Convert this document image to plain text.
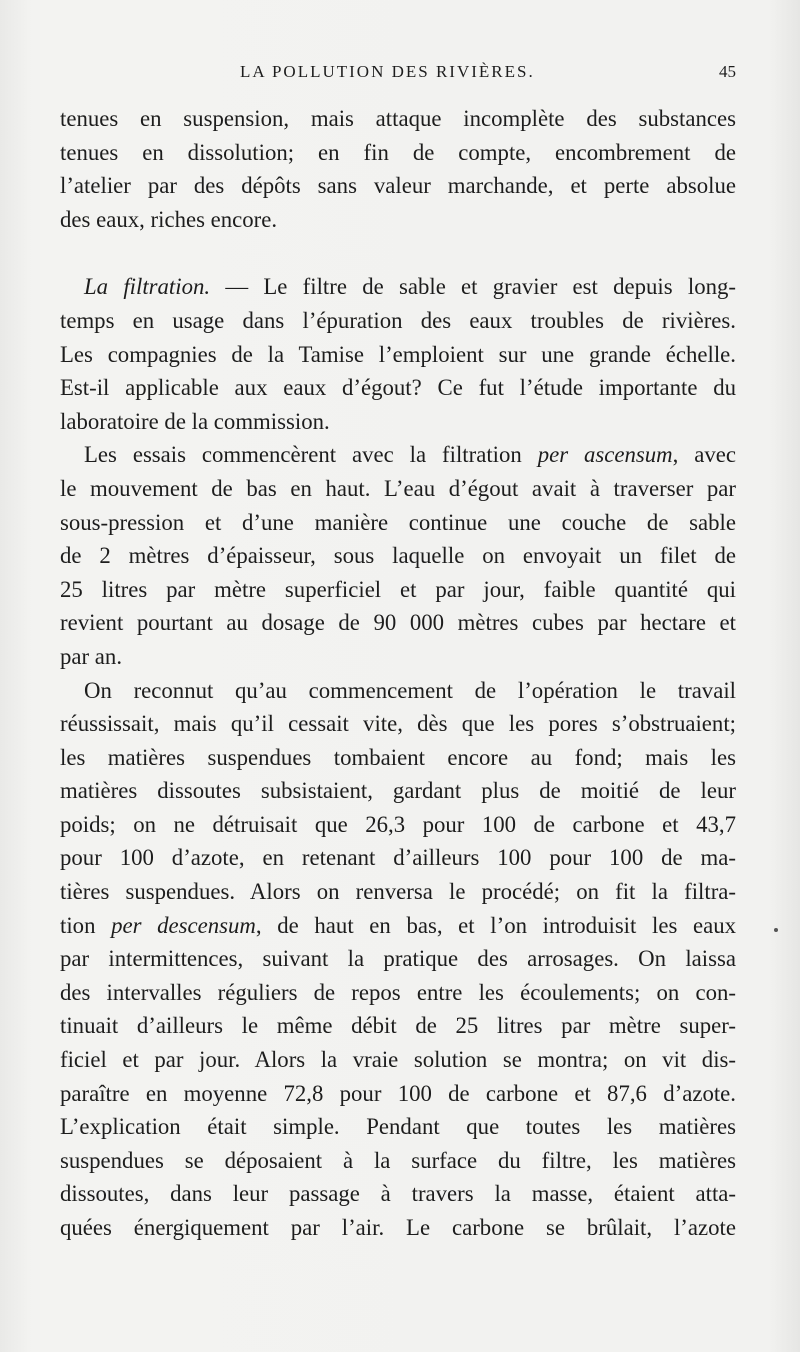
LA POLLUTION DES RIVIÈRES.	45
tenues en suspension, mais attaque incomplète des substances
tenues en dissolution; en fin de compte, encombrement de
l’atelier par des dépôts sans valeur marchande, et perte absolue
des eaux, riches encore.
La filtration. — Le filtre de sable et gravier est depuis long-
temps en usage dans l’épuration des eaux troubles de rivières.
Les compagnies de la Tamise l’emploient sur une grande échelle.
Est-il applicable aux eaux d’égout? Ce fut l’étude importante du
laboratoire de la commission.
Les essais commencèrent avec la filtration per ascensum, avec
le mouvement de bas en haut. L’eau d’égout avait à traverser par
sous-pression et d’une manière continue une couche de sable
de 2 mètres d’épaisseur, sous laquelle on envoyait un filet de
25 litres par mètre superficiel et par jour, faible quantité qui
revient pourtant au dosage de 90 000 mètres cubes par hectare et
par an.
On reconnut qu’au commencement de l’opération le travail
réussissait, mais qu’il cessait vite, dès que les pores s’obstruaient;
les matières suspendues tombaient encore au fond; mais les
matières dissoutes subsistaient, gardant plus de moitié de leur
poids; on ne détruisait que 26,3 pour 100 de carbone et 43,7
pour 100 d’azote, en retenant d’ailleurs 100 pour 100 de ma-
tières suspendues. Alors on renversa le procédé; on fit la filtra-
tion per descensum, de haut en bas, et l’on introduisit les eaux
par intermittences, suivant la pratique des arrosages. On laissa
des intervalles réguliers de repos entre les écoulements; on con-
tinuait d’ailleurs le même débit de 25 litres par mètre super-
ficiel et par jour. Alors la vraie solution se montra; on vit dis-
paraître en moyenne 72,8 pour 100 de carbone et 87,6 d’azote.
L’explication était simple. Pendant que toutes les matières
suspendues se déposaient à la surface du filtre, les matières
dissoutes, dans leur passage à travers la masse, étaient atta-
quées énergiquement par l’air. Le carbone se brûlait, l’azote
